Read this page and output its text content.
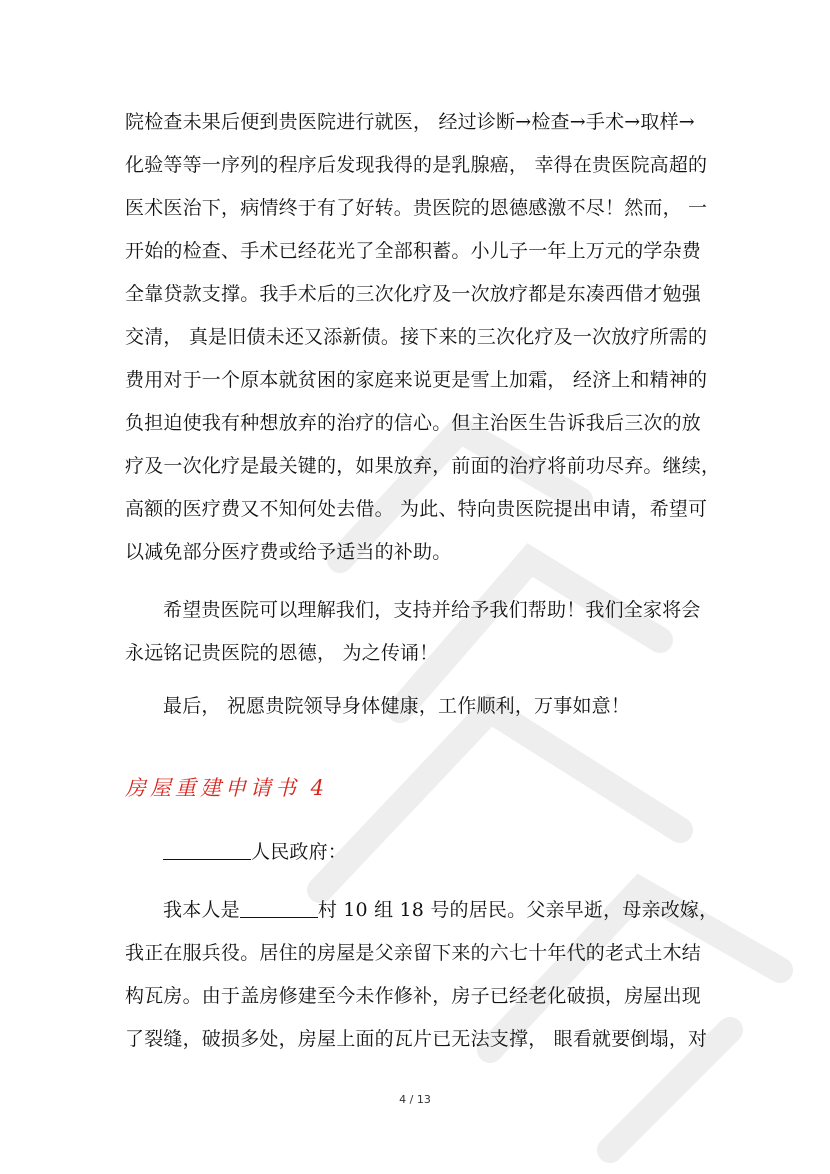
院检查未果后便到贵医院进行就医， 经过诊断→检查→手术→取样→
化验等等一序列的程序后发现我得的是乳腺癌， 幸得在贵医院高超的
医术医治下，病情终于有了好转。贵医院的恩德感激不尽！然而， 一
开始的检查、手术已经花光了全部积蓄。小儿子一年上万元的学杂费
全靠贷款支撑。我手术后的三次化疗及一次放疗都是东凑西借才勉强
交清， 真是旧债未还又添新债。接下来的三次化疗及一次放疗所需的
费用对于一个原本就贫困的家庭来说更是雪上加霜， 经济上和精神的
负担迫使我有种想放弃的治疗的信心。但主治医生告诉我后三次的放
疗及一次化疗是最关键的，如果放弃，前面的治疗将前功尽弃。继续，
高额的医疗费又不知何处去借。 为此、特向贵医院提出申请，希望可
以减免部分医疗费或给予适当的补助。
希望贵医院可以理解我们，支持并给予我们帮助！我们全家将会
永远铭记贵医院的恩德， 为之传诵！
最后， 祝愿贵院领导身体健康，工作顺利，万事如意！
房屋重建申请书 4
人民政府：
我本人是	村 10 组 18 号的居民。父亲早逝，母亲改嫁，
我正在服兵役。居住的房屋是父亲留下来的六七十年代的老式土木结
构瓦房。由于盖房修建至今未作修补，房子已经老化破损，房屋出现
了裂缝，破损多处，房屋上面的瓦片已无法支撑， 眼看就要倒塌，对
4 / 13
